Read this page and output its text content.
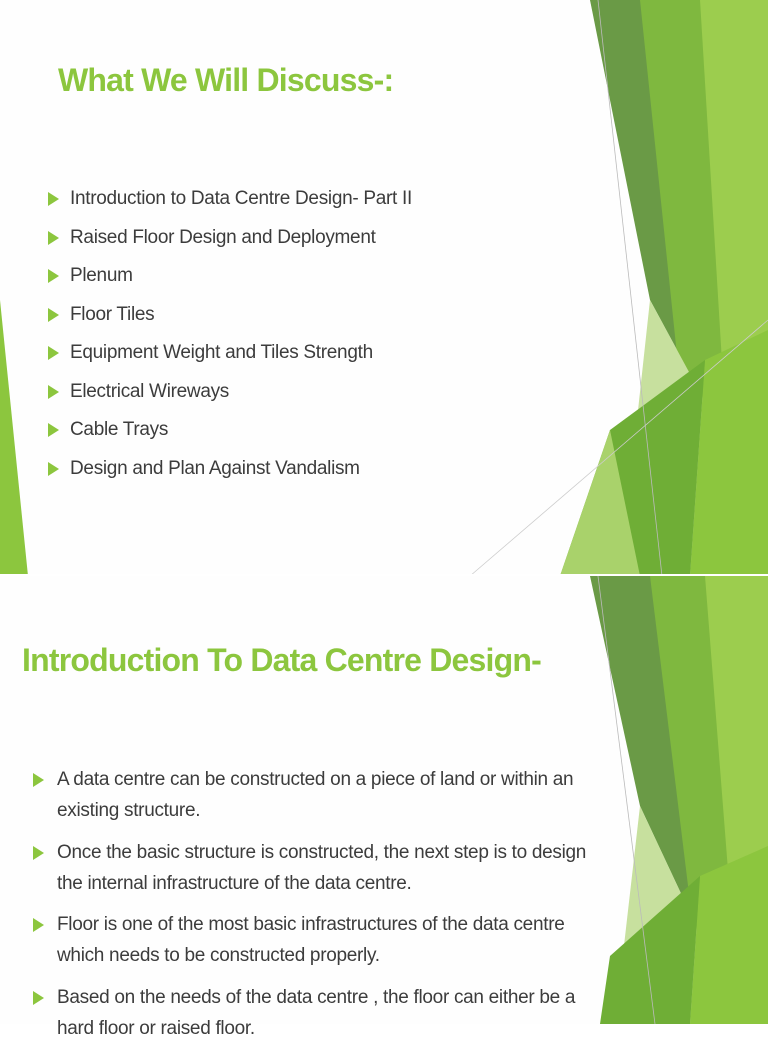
What We Will Discuss-:
Introduction to Data Centre Design- Part II
Raised Floor Design and Deployment
Plenum
Floor Tiles
Equipment Weight and Tiles Strength
Electrical Wireways
Cable Trays
Design and Plan Against Vandalism
Introduction To Data Centre Design-
A data centre can be constructed on a piece of land or within an existing structure.
Once the basic structure is constructed, the next step is to design the internal infrastructure of the data centre.
Floor is one of the most basic infrastructures of the data centre which needs to be constructed properly.
Based on the needs of the data centre , the floor can either be a hard floor or raised floor.
